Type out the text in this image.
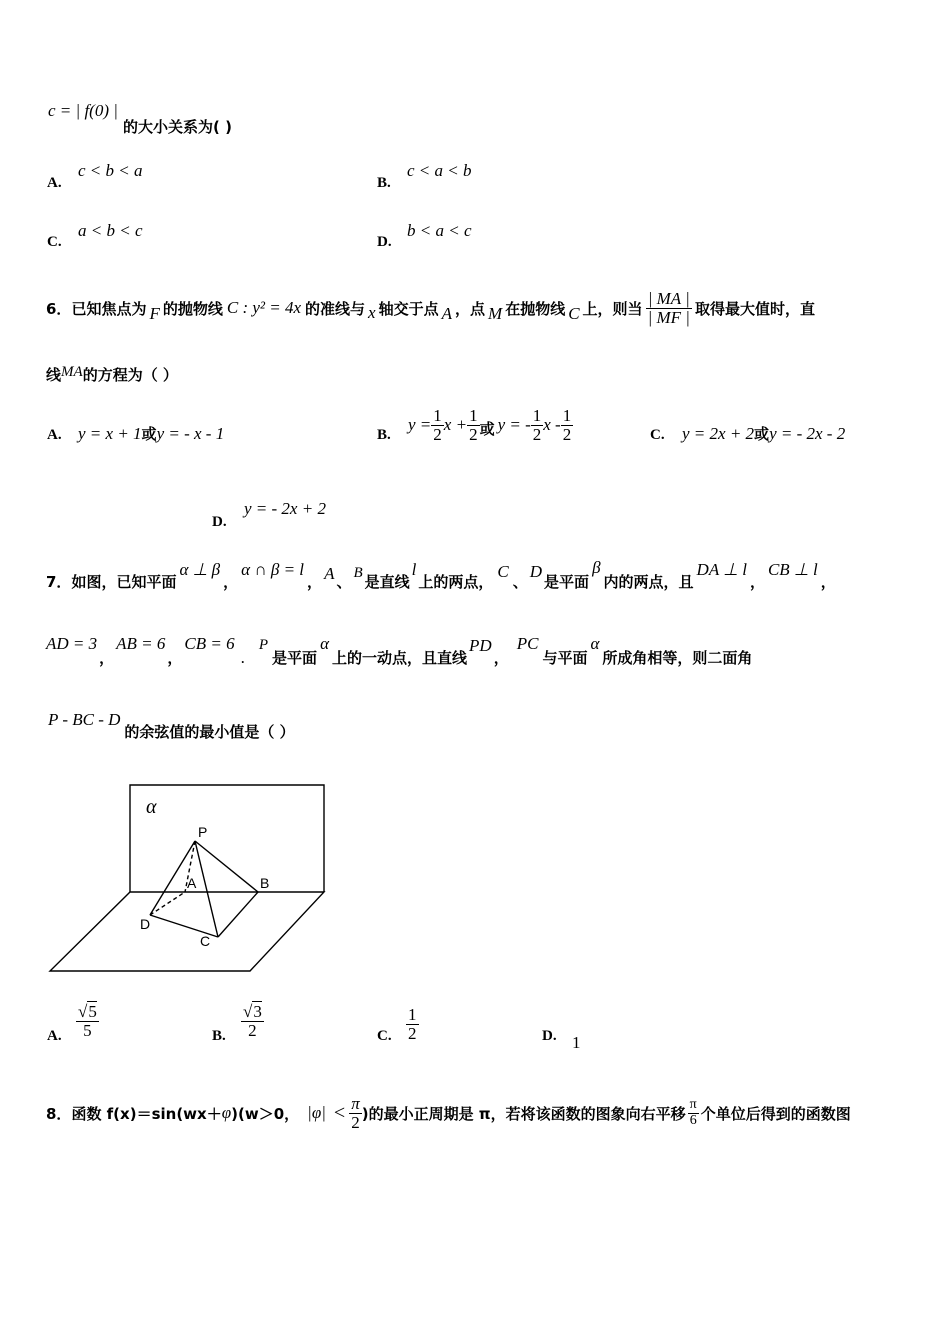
c = | f(0) |
的大小关系为( )
A.
c < b < a
B.
c < a < b
C.
a < b < c
D.
b < a < c
6． 已知焦点为 F 的抛物线 C : y² = 4x 的准线与 x 轴交于点 A ，点 M 在抛物线 C 上，则当 $\frac{| MA |}{| MF |}$ 取得最大值时，直
线MA的方程为（ ）
A. y = x + 1或y = - x - 1	B.
$y = \frac{1}{2}$ $x + \frac{1}{2}$ 或 y = - $\frac{1}{2}$ x - $\frac{1}{2}$	C. y = 2x + 2或y = - 2x - 2
D.
y = - 2x + 2
7． 如图，已知平面
α ⊥ β
，
α ∩ β = l
， A 、 B 是直线
l
上的两点，
C
、
D
是平面
β
内的两点，且
DA ⊥ l
，
CB ⊥ l
，
AD = 3
，
AB = 6
，
CB = 6
.
P
是平面
α
上的一动点，且直线
PD
，
PC
与平面
α
所成角相等，则二面角
P - BC - D
的余弦值的最小值是（ ）
α
P
A	B
D
C
A. $\frac{√5}{5}$	B. $\frac{√3}{2}$	C. $\frac{1}{2}$	D. 1
8． 函数 f(x)＝sin(wx＋ φ )(w＞0， $|\varphi| < \frac{\pi}{2}$ )的最小正周期是 π，若将该函数的图象向右平移 $\frac{\pi}{6}$ 个单位后得到的函数图
